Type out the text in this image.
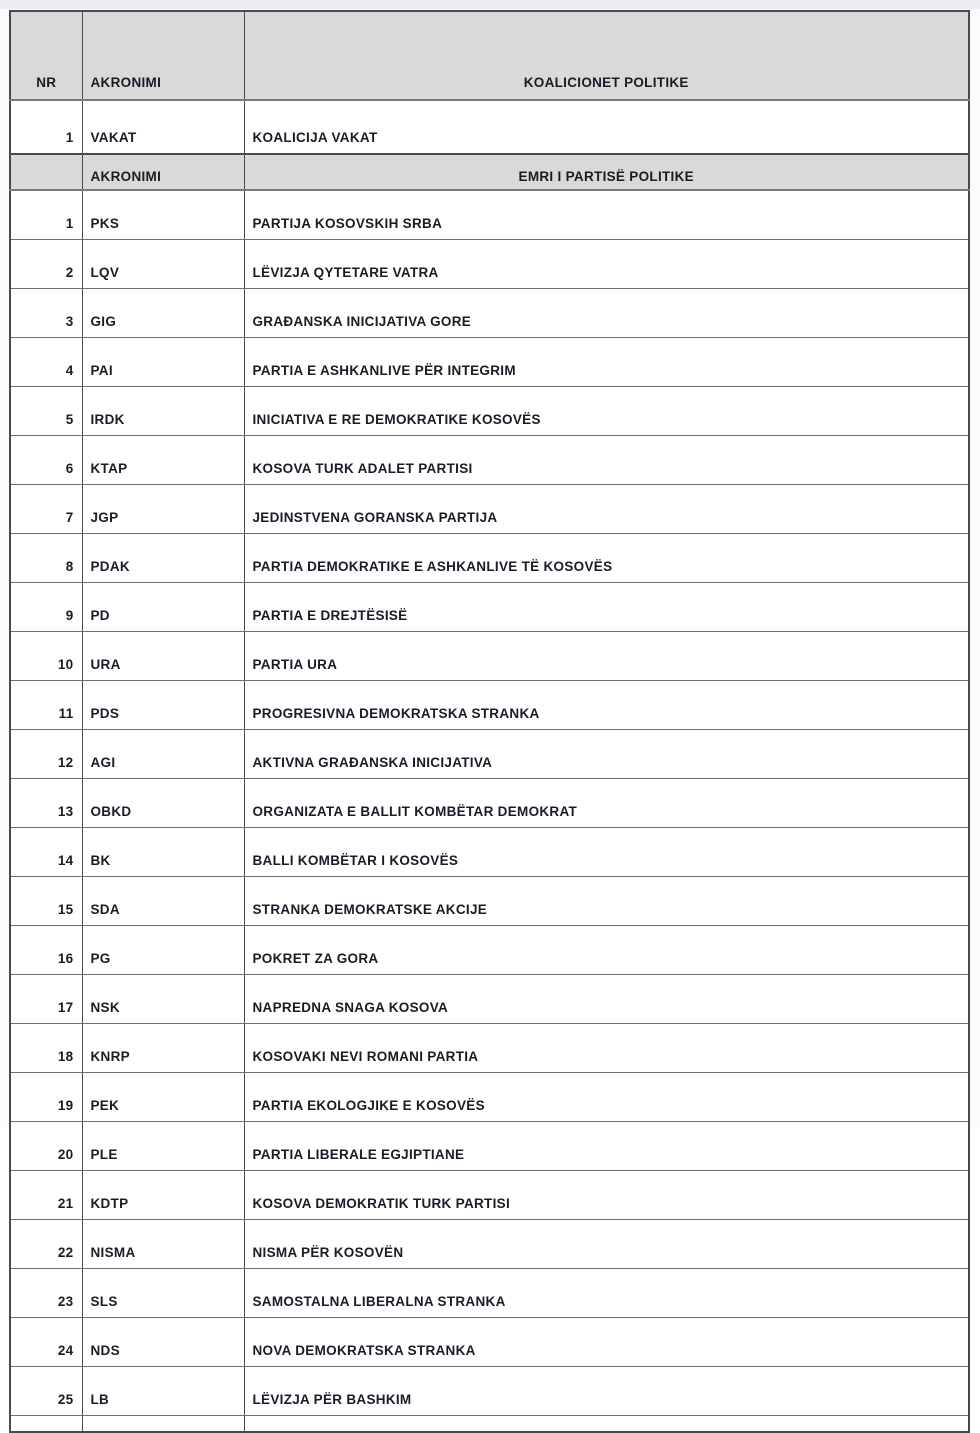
NR	AKRONIMI	KOALICIONET POLITIKE
1	VAKAT	KOALICIJA VAKAT
	AKRONIMI	EMRI I PARTISË POLITIKE
1	PKS	PARTIJA KOSOVSKIH SRBA
2	LQV	LËVIZJA QYTETARE VATRA
3	GIG	GRAĐANSKA INICIJATIVA GORE
4	PAI	PARTIA E ASHKANLIVE PËR INTEGRIM
5	IRDK	INICIATIVA E RE DEMOKRATIKE KOSOVËS
6	KTAP	KOSOVA TURK ADALET PARTISI
7	JGP	JEDINSTVENA GORANSKA PARTIJA
8	PDAK	PARTIA DEMOKRATIKE E ASHKANLIVE TË KOSOVËS
9	PD	PARTIA E DREJTËSISË
10	URA	PARTIA URA
11	PDS	PROGRESIVNA DEMOKRATSKA STRANKA
12	AGI	AKTIVNA GRAĐANSKA INICIJATIVA
13	OBKD	ORGANIZATA E BALLIT KOMBËTAR DEMOKRAT
14	BK	BALLI KOMBËTAR I KOSOVËS
15	SDA	STRANKA DEMOKRATSKE AKCIJE
16	PG	POKRET ZA GORA
17	NSK	NAPREDNA SNAGA KOSOVA
18	KNRP	KOSOVAKI NEVI ROMANI PARTIA
19	PEK	PARTIA EKOLOGJIKE E KOSOVËS
20	PLE	PARTIA LIBERALE EGJIPTIANE
21	KDTP	KOSOVA DEMOKRATIK TURK PARTISI
22	NISMA	NISMA PËR KOSOVËN
23	SLS	SAMOSTALNA LIBERALNA STRANKA
24	NDS	NOVA DEMOKRATSKA STRANKA
25	LB	LËVIZJA PËR BASHKIM
